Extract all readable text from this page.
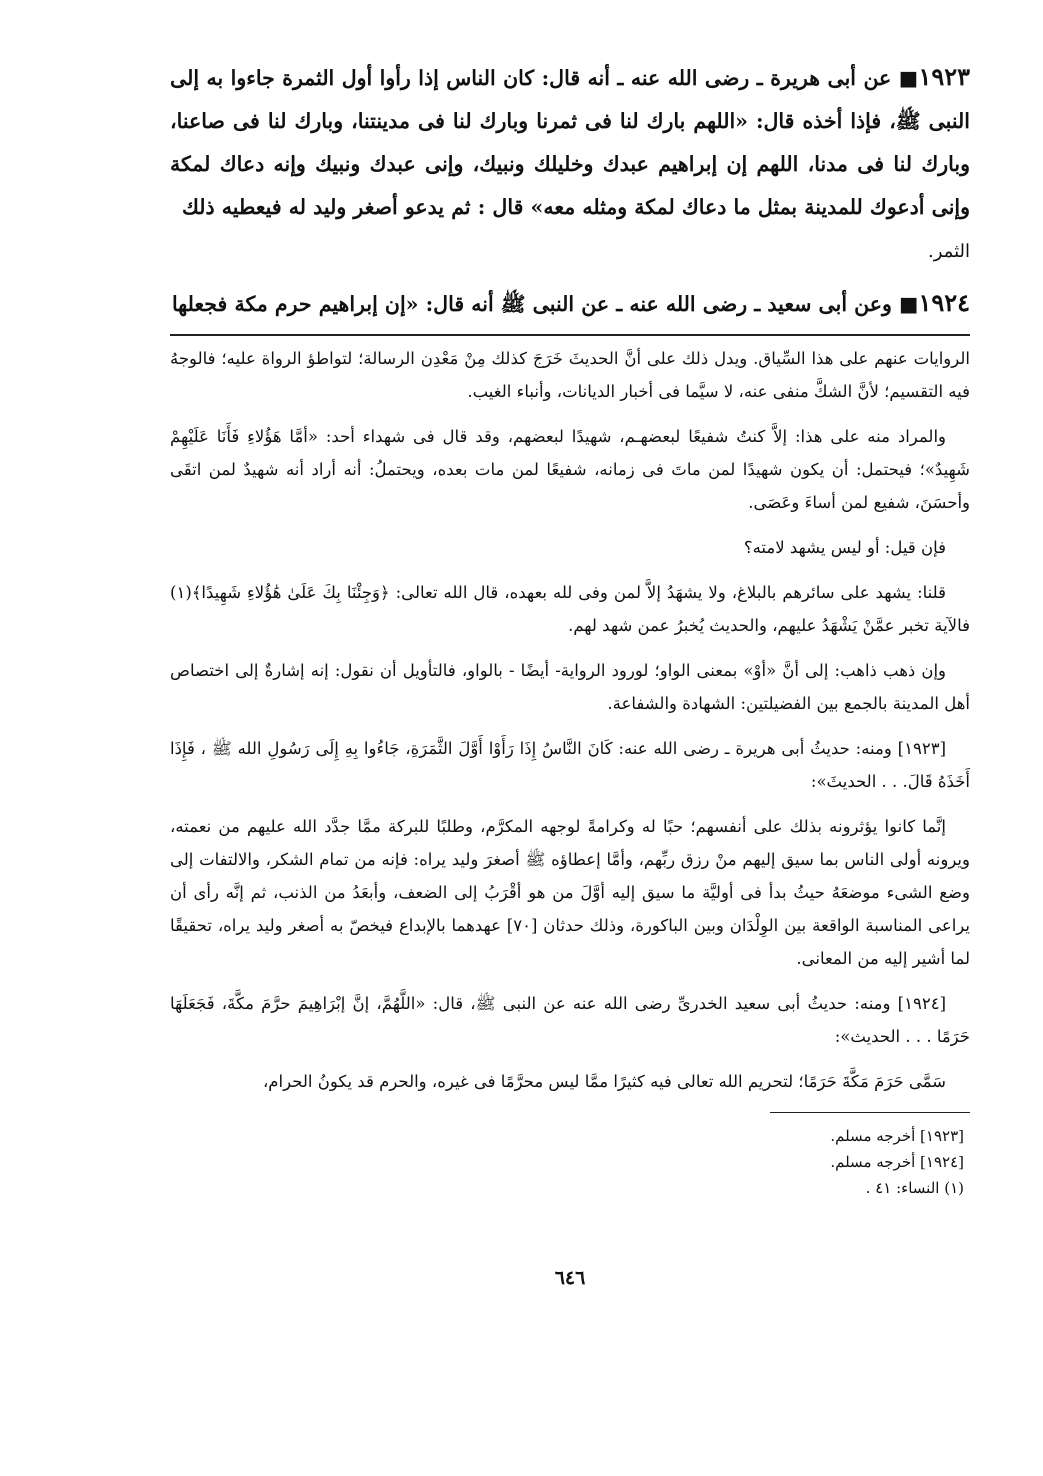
١٩٢٣■ عن أبى هريرة ـ رضى الله عنه ـ أنه قال: كان الناس إذا رأوا أول الثمرة جاءوا به إلى النبى ﷺ، فإذا أخذه قال: «اللهم بارك لنا فى ثمرنا وبارك لنا فى مدينتنا، وبارك لنا فى صاعنا، وبارك لنا فى مدنا، اللهم إن إبراهيم عبدك وخليلك ونبيك، وإنى عبدك ونبيك وإنه دعاك لمكة وإنى أدعوك للمدينة بمثل ما دعاك لمكة ومثله معه» قال : ثم يدعو أصغر وليد له فيعطيه ذلك
الثمر.

١٩٢٤■ وعن أبى سعيد ـ رضى الله عنه ـ عن النبى ﷺ أنه قال: «إن إبراهيم حرم مكة فجعلها

الروايات عنهم على هذا السِّياق. ويدل ذلك على أنَّ الحديثَ خَرَجَ كذلك مِنْ مَعْدِن الرسالة؛ لتواطؤ الرواة عليه؛ فالوجهُ فيه التقسيم؛ لأنَّ الشكَّ منفى عنه، لا سيَّما فى أخبار الديانات، وأنباء الغيب.

والمراد منه على هذا: إلاَّ كنتُ شفيعًا لبعضهـم، شهيدًا لبعضهم، وقد قال فى شهداء أحد: «أمَّا هَؤُلاءِ فَأَنَا عَلَيْهِمْ شَهِيدٌ»؛ فيحتمل: أن يكون شهيدًا لمن ماتَ فى زمانه، شفيعًا لمن مات بعده، ويحتملُ: أنه أراد أنه شهيدٌ لمن اتقَى وأحسَنَ، شفيع لمن أساءَ وعَصَى.

فإن قيل: أو ليس يشهد لامته؟

قلنا: يشهد على سائرهم بالبلاغ، ولا يشهَدُ إلاَّ لمن وفى لله بعهده، قال الله تعالى: ﴿وَجِئْنَا بِكَ عَلَىٰ هَٰؤُلاءِ شَهِيدًا﴾(١) فالآية تخبر عمَّنْ يَشْهَدُ عليهم، والحديث يُخبرُ عمن شهد لهم.

وإن ذهب ذاهب: إلى أنَّ «أوْ» بمعنى الواو؛ لورود الرواية- أيضًا - بالواو، فالتأويل أن نقول: إنه إشارةٌ إلى اختصاص أهل المدينة بالجمع بين الفضيلتين: الشهادة والشفاعة.

[١٩٢٣] ومنه: حديثُ أبى هريرة ـ رضى الله عنه: كَانَ النَّاسُ إِذَا رَأَوْا أَوَّلَ الثَّمَرَةِ، جَاءُوا بِهِ إِلَى رَسُولِ الله ﷺ ، فَإِذَا أَخَذَهُ قَالَ. . . الحديثَ»:

إنَّما كانوا يؤثرونه بذلك على أنفسهم؛ حبًا له وكرامةً لوجهه المكرَّم، وطلبًا للبركة ممَّا جدَّد الله عليهم من نعمته، ويرونه أولى الناس بما سيق إليهم منْ رزق ربِّهم، وأمَّا إعطاؤه ﷺ أصغرَ وليد يراه: فإنه من تمام الشكر، والالتفات إلى وضع الشىء موضعَهُ حيثُ بدأ فى أوليَّة ما سيق إليه أوَّلَ من هو أقْرَبُ إلى الضعف، وأبعَدُ من الذنب، ثم إنَّه رأى أن يراعى المناسبة الواقعة بين الوِلْدَان وبين الباكورة، وذلك حدثان [٧٠] عهدهما بالإبداع فيخصّ به أصغر وليد يراه، تحقيقًا لما أشير إليه من المعانى.

[١٩٢٤] ومنه: حديثُ أبى سعيد الخدرىِّ رضى الله عنه عن النبى ﷺ، قال: «اللَّهُمَّ، إنَّ إبْرَاهِيمَ حرَّمَ مكَّةَ، فَجَعَلَهَا حَرَمًا . . . الحديث»:

سَمَّى حَرَمَ مَكَّةَ حَرَمًا؛ لتحريم الله تعالى فيه كثيرًا ممَّا ليس محرَّمًا فى غيره، والحرم قد يكونُ الحرام،

[١٩٢٣] أخرجه مسلم.

[١٩٢٤] أخرجه مسلم.

(١) النساء: ٤١ .

٦٤٦
